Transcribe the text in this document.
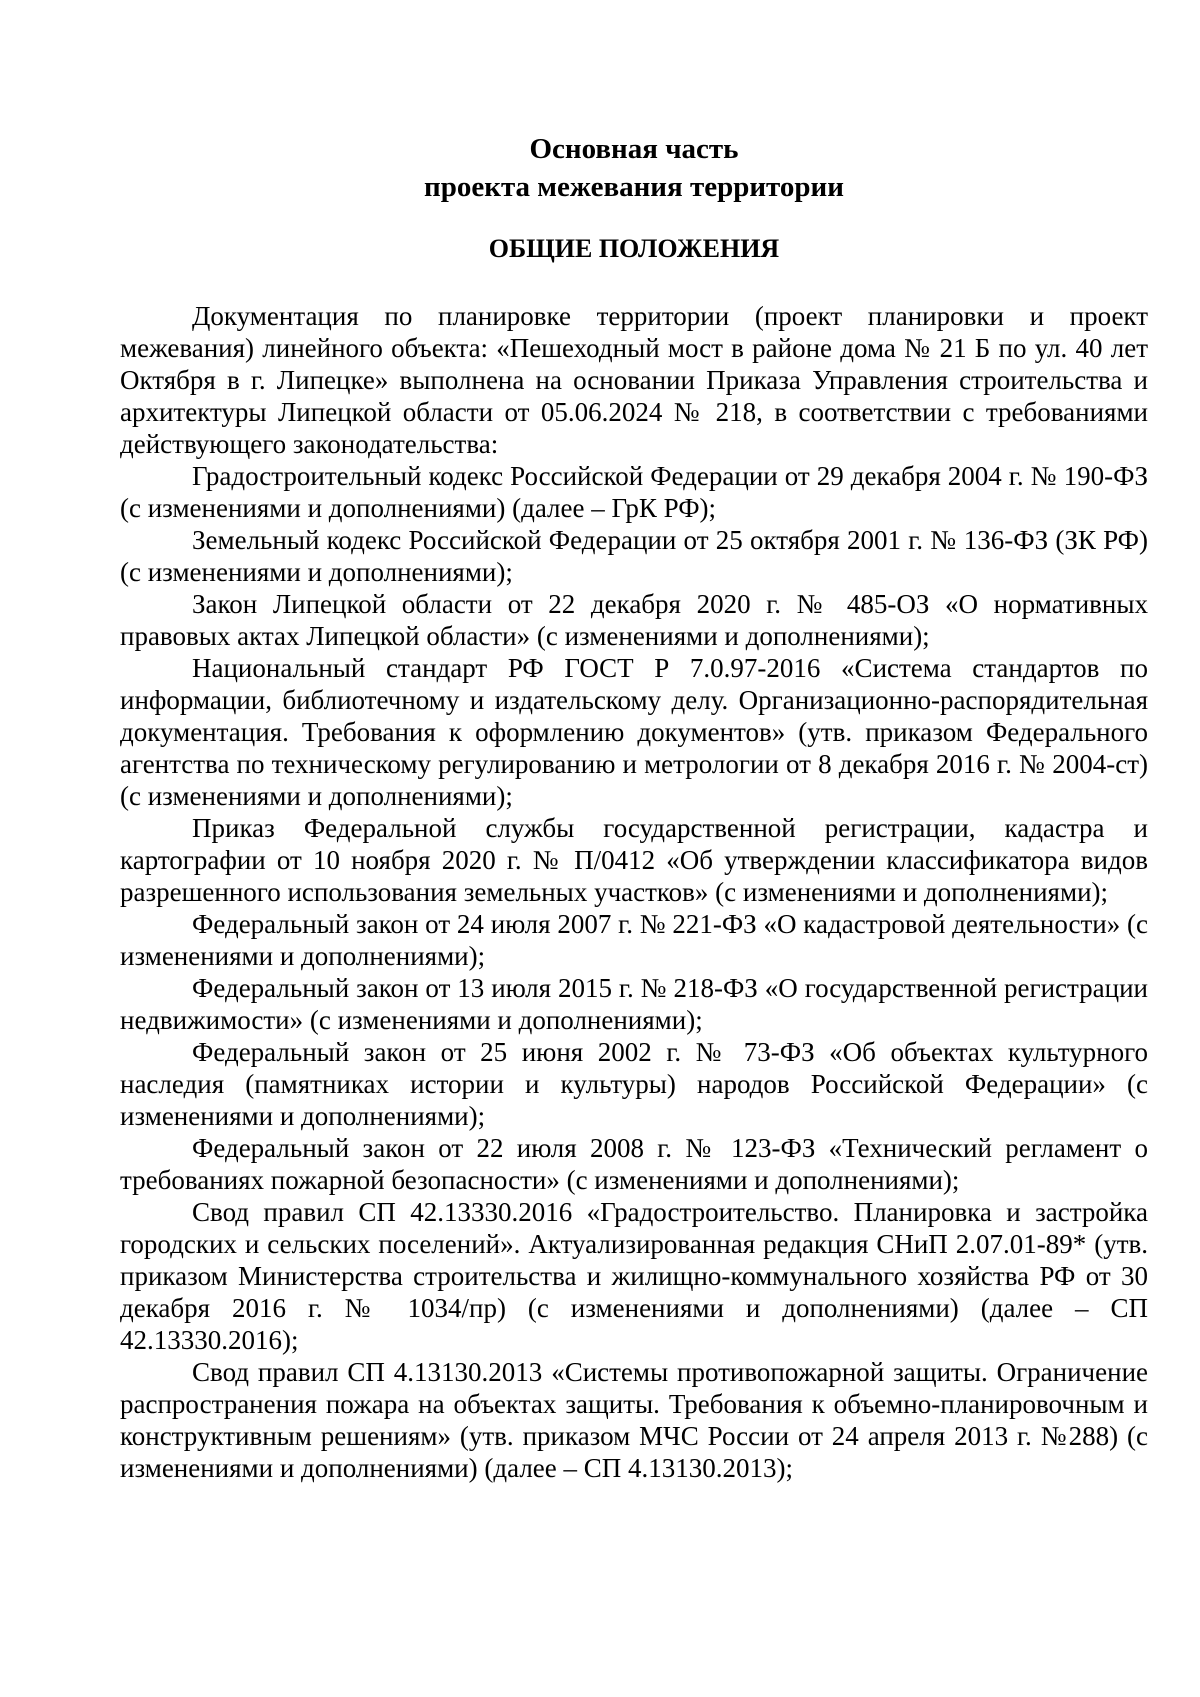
Основная часть
проекта межевания территории
ОБЩИЕ ПОЛОЖЕНИЯ

Документация по планировке территории (проект планировки и проект межевания) линейного объекта: «Пешеходный мост в районе дома № 21 Б по ул. 40 лет Октября в г. Липецке» выполнена на основании Приказа Управления строительства и архитектуры Липецкой области от 05.06.2024 № 218, в соответствии с требованиями действующего законодательства:

Градостроительный кодекс Российской Федерации от 29 декабря 2004 г. № 190-ФЗ (с изменениями и дополнениями) (далее – ГрК РФ);

Земельный кодекс Российской Федерации от 25 октября 2001 г. № 136-ФЗ (ЗК РФ) (с изменениями и дополнениями);

Закон Липецкой области от 22 декабря 2020 г. № 485-ОЗ «О нормативных правовых актах Липецкой области» (с изменениями и дополнениями);

Национальный стандарт РФ ГОСТ Р 7.0.97-2016 «Система стандартов по информации, библиотечному и издательскому делу. Организационно-распорядительная документация. Требования к оформлению документов» (утв. приказом Федерального агентства по техническому регулированию и метрологии от 8 декабря 2016 г. № 2004-ст) (с изменениями и дополнениями);

Приказ Федеральной службы государственной регистрации, кадастра и картографии от 10 ноября 2020 г. № П/0412 «Об утверждении классификатора видов разрешенного использования земельных участков» (с изменениями и дополнениями);

Федеральный закон от 24 июля 2007 г. № 221-ФЗ «О кадастровой деятельности» (с изменениями и дополнениями);

Федеральный закон от 13 июля 2015 г. № 218-ФЗ «О государственной регистрации недвижимости» (с изменениями и дополнениями);

Федеральный закон от 25 июня 2002 г. № 73-ФЗ «Об объектах культурного наследия (памятниках истории и культуры) народов Российской Федерации» (с изменениями и дополнениями);

Федеральный закон от 22 июля 2008 г. № 123-ФЗ «Технический регламент о требованиях пожарной безопасности» (с изменениями и дополнениями);

Свод правил СП 42.13330.2016 «Градостроительство. Планировка и застройка городских и сельских поселений». Актуализированная редакция СНиП 2.07.01-89* (утв. приказом Министерства строительства и жилищно-коммунального хозяйства РФ от 30 декабря 2016 г. № 1034/пр) (с изменениями и дополнениями) (далее – СП 42.13330.2016);

Свод правил СП 4.13130.2013 «Системы противопожарной защиты. Ограничение распространения пожара на объектах защиты. Требования к объемно-планировочным и конструктивным решениям» (утв. приказом МЧС России от 24 апреля 2013 г. №288) (с изменениями и дополнениями) (далее – СП 4.13130.2013);
